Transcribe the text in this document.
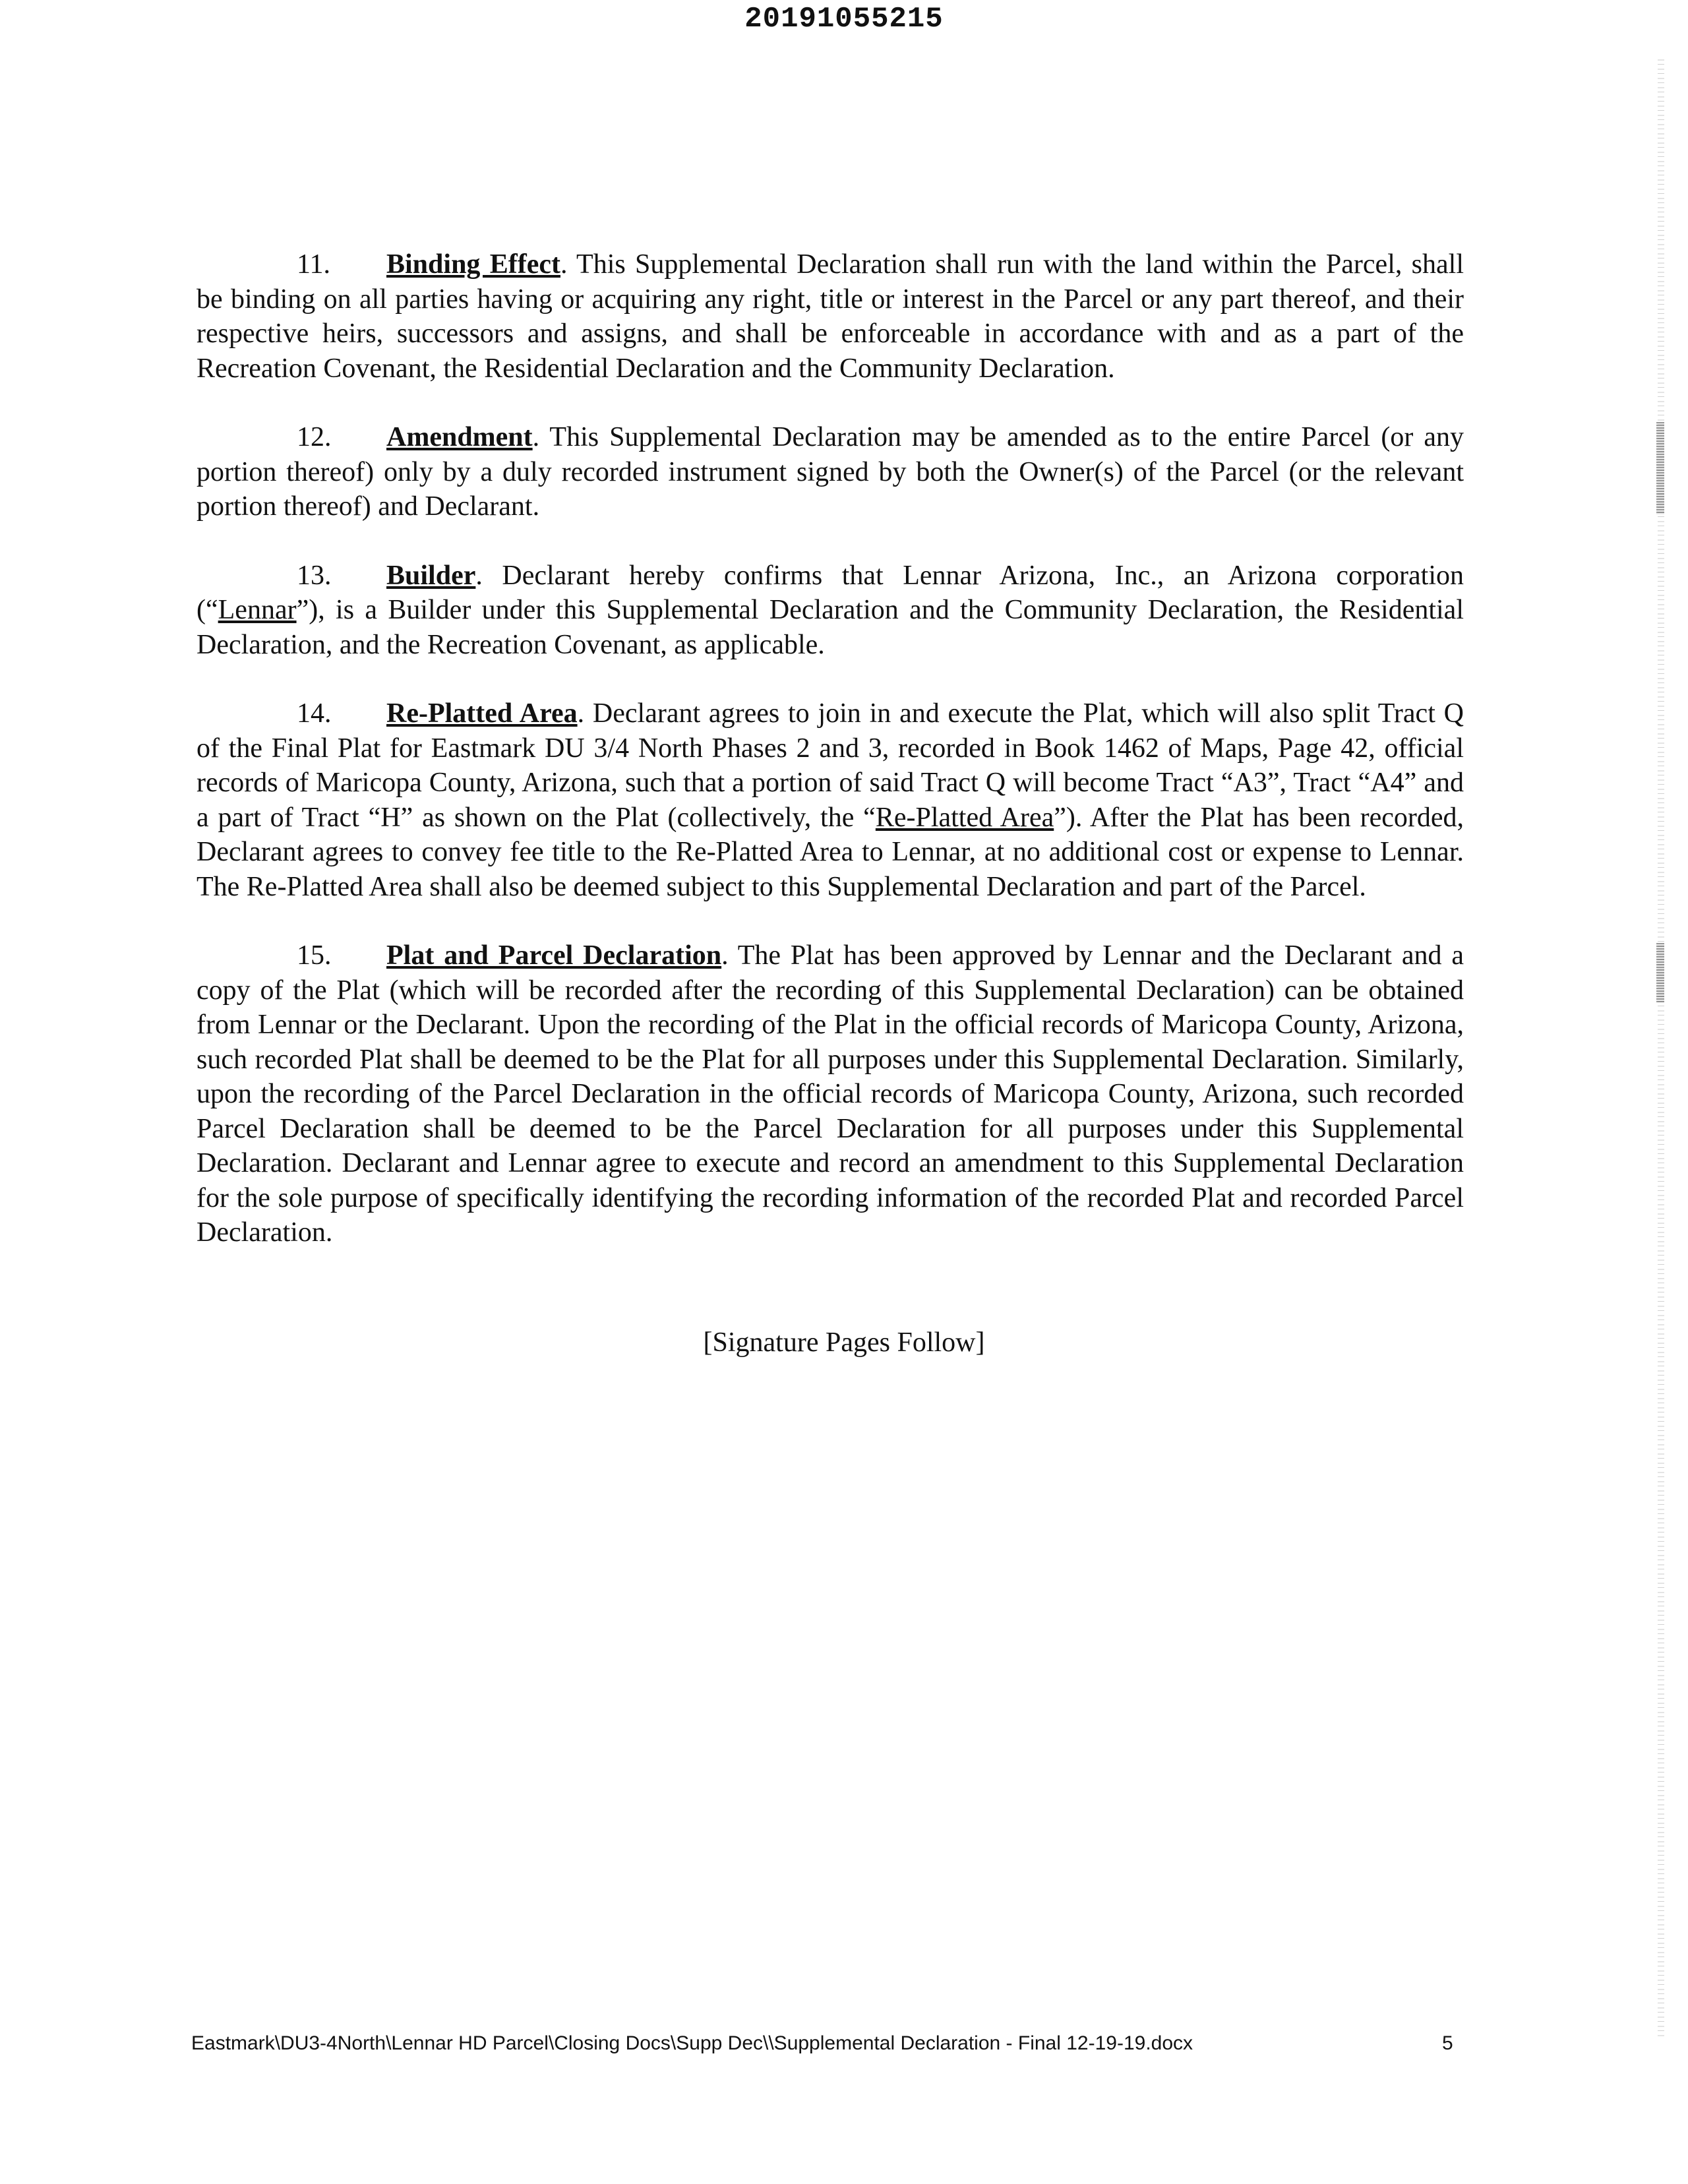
20191055215

11. Binding Effect. This Supplemental Declaration shall run with the land within the Parcel, shall be binding on all parties having or acquiring any right, title or interest in the Parcel or any part thereof, and their respective heirs, successors and assigns, and shall be enforceable in accordance with and as a part of the Recreation Covenant, the Residential Declaration and the Community Declaration.

12. Amendment. This Supplemental Declaration may be amended as to the entire Parcel (or any portion thereof) only by a duly recorded instrument signed by both the Owner(s) of the Parcel (or the relevant portion thereof) and Declarant.

13. Builder. Declarant hereby confirms that Lennar Arizona, Inc., an Arizona corporation (“Lennar”), is a Builder under this Supplemental Declaration and the Community Declaration, the Residential Declaration, and the Recreation Covenant, as applicable.

14. Re-Platted Area. Declarant agrees to join in and execute the Plat, which will also split Tract Q of the Final Plat for Eastmark DU 3/4 North Phases 2 and 3, recorded in Book 1462 of Maps, Page 42, official records of Maricopa County, Arizona, such that a portion of said Tract Q will become Tract “A3”, Tract “A4” and a part of Tract “H” as shown on the Plat (collectively, the “Re-Platted Area”). After the Plat has been recorded, Declarant agrees to convey fee title to the Re-Platted Area to Lennar, at no additional cost or expense to Lennar. The Re-Platted Area shall also be deemed subject to this Supplemental Declaration and part of the Parcel.

15. Plat and Parcel Declaration. The Plat has been approved by Lennar and the Declarant and a copy of the Plat (which will be recorded after the recording of this Supplemental Declaration) can be obtained from Lennar or the Declarant. Upon the recording of the Plat in the official records of Maricopa County, Arizona, such recorded Plat shall be deemed to be the Plat for all purposes under this Supplemental Declaration. Similarly, upon the recording of the Parcel Declaration in the official records of Maricopa County, Arizona, such recorded Parcel Declaration shall be deemed to be the Parcel Declaration for all purposes under this Supplemental Declaration. Declarant and Lennar agree to execute and record an amendment to this Supplemental Declaration for the sole purpose of specifically identifying the recording information of the recorded Plat and recorded Parcel Declaration.

[Signature Pages Follow]
Eastmark\DU3-4North\Lennar HD Parcel\Closing Docs\Supp Dec\\Supplemental Declaration - Final 12-19-19.docx	5
